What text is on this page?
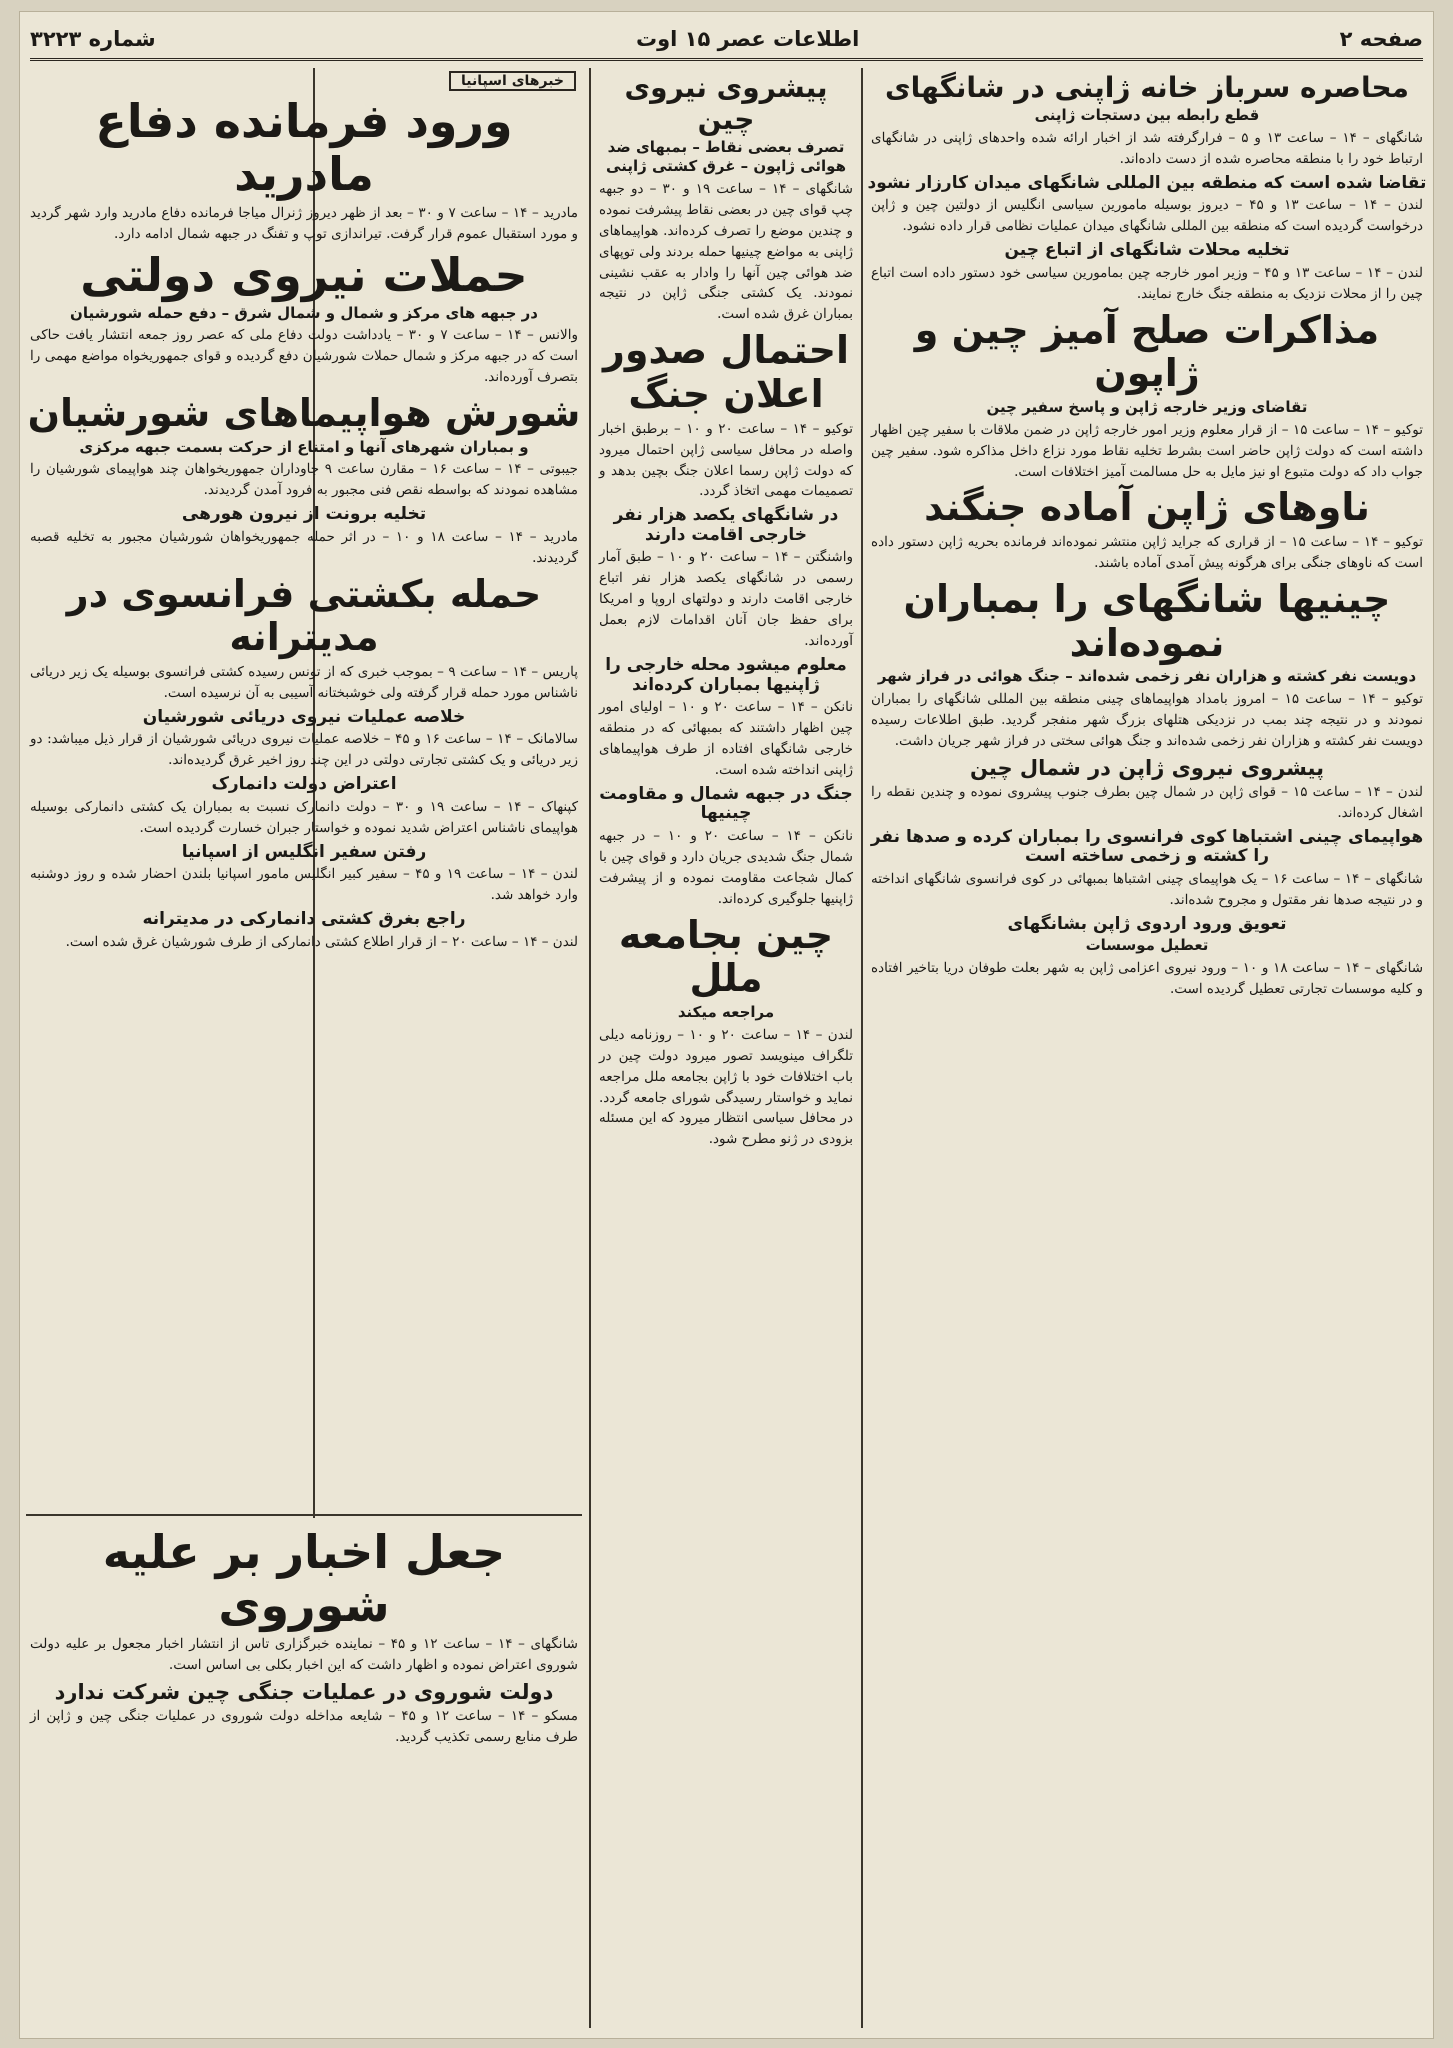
صفحه ۲
اطلاعات عصر ۱۵ اوت
شماره ۳۲۲۳
محاصره سرباز خانه ژاپنی در شانگهای
قطع رابطه بین دستجات ژاپنی
شانگهای – ۱۴ – ساعت ۱۳ و ۵ – فرارگرفته شد از اخبار ارائه شده واحدهای ژاپنی در شانگهای ارتباط خود را با منطقه محاصره شده از دست داده‌اند.
تقاضا شده است که منطقه بین المللی شانگهای میدان کارزار نشود
لندن – ۱۴ – ساعت ۱۳ و ۴۵ – دیروز بوسیله مامورین سیاسی انگلیس از دولتین چین و ژاپن درخواست گردیده است که منطقه بین المللی شانگهای میدان عملیات نظامی قرار داده نشود.
تخلیه محلات شانگهای از اتباع چین
لندن – ۱۴ – ساعت ۱۳ و ۴۵ – وزیر امور خارجه چین بمامورین سیاسی خود دستور داده است اتباع چین را از محلات نزدیک به منطقه جنگ خارج نمایند.
مذاکرات صلح آمیز چین و ژاپون
تقاضای وزیر خارجه ژاپن و پاسخ سفیر چین
توکیو – ۱۴ – ساعت ۱۵ – از قرار معلوم وزیر امور خارجه ژاپن در ضمن ملاقات با سفیر چین اظهار داشته است که دولت ژاپن حاضر است بشرط تخلیه نقاط مورد نزاع داخل مذاکره شود. سفیر چین جواب داد که دولت متبوع او نیز مایل به حل مسالمت آمیز اختلافات است.
ناوهای ژاپن آماده جنگند
توکیو – ۱۴ – ساعت ۱۵ – از قراری که جراید ژاپن منتشر نموده‌اند فرمانده بحریه ژاپن دستور داده است که ناوهای جنگی برای هرگونه پیش آمدی آماده باشند.
چینیها شانگهای را بمباران نموده‌اند
دویست نفر کشته و هزاران نفر زخمی شده‌اند – جنگ هوائی در فراز شهر
توکیو – ۱۴ – ساعت ۱۵ – امروز بامداد هواپیماهای چینی منطقه بین المللی شانگهای را بمباران نمودند و در نتیجه چند بمب در نزدیکی هتلهای بزرگ شهر منفجر گردید. طبق اطلاعات رسیده دویست نفر کشته و هزاران نفر زخمی شده‌اند و جنگ هوائی سختی در فراز شهر جریان داشت.
پیشروی نیروی ژاپن در شمال چین
لندن – ۱۴ – ساعت ۱۵ – قوای ژاپن در شمال چین بطرف جنوب پیشروی نموده و چندین نقطه را اشغال کرده‌اند.
هواپیمای چینی اشتباها کوی فرانسوی را بمباران کرده و صدها نفر را کشته و زخمی ساخته است
شانگهای – ۱۴ – ساعت ۱۶ – یک هواپیمای چینی اشتباها بمبهائی در کوی فرانسوی شانگهای انداخته و در نتیجه صدها نفر مقتول و مجروح شده‌اند.
تعویق ورود اردوی ژاپن بشانگهای
تعطیل موسسات
شانگهای – ۱۴ – ساعت ۱۸ و ۱۰ – ورود نیروی اعزامی ژاپن به شهر بعلت طوفان دریا بتاخیر افتاده و کلیه موسسات تجارتی تعطیل گردیده است.
پیشروی نیروی چین
تصرف بعضی نقاط – بمبهای ضد هوائی ژاپون – غرق کشتی ژاپنی
شانگهای – ۱۴ – ساعت ۱۹ و ۳۰ – دو جبهه چپ قوای چین در بعضی نقاط پیشرفت نموده و چندین موضع را تصرف کرده‌اند. هواپیماهای ژاپنی به مواضع چینیها حمله بردند ولی توپهای ضد هوائی چین آنها را وادار به عقب نشینی نمودند. یک کشتی جنگی ژاپن در نتیجه بمباران غرق شده است.
احتمال صدور اعلان جنگ
توکیو – ۱۴ – ساعت ۲۰ و ۱۰ – برطبق اخبار واصله در محافل سیاسی ژاپن احتمال میرود که دولت ژاپن رسما اعلان جنگ بچین بدهد و تصمیمات مهمی اتخاذ گردد.
در شانگهای یکصد هزار نفر خارجی اقامت دارند
واشنگتن – ۱۴ – ساعت ۲۰ و ۱۰ – طبق آمار رسمی در شانگهای یکصد هزار نفر اتباع خارجی اقامت دارند و دولتهای اروپا و امریکا برای حفظ جان آنان اقدامات لازم بعمل آورده‌اند.
معلوم میشود محله خارجی را ژاپنیها بمباران کرده‌اند
نانکن – ۱۴ – ساعت ۲۰ و ۱۰ – اولیای امور چین اظهار داشتند که بمبهائی که در منطقه خارجی شانگهای افتاده از طرف هواپیماهای ژاپنی انداخته شده است.
جنگ در جبهه شمال و مقاومت چینیها
نانکن – ۱۴ – ساعت ۲۰ و ۱۰ – در جبهه شمال جنگ شدیدی جریان دارد و قوای چین با کمال شجاعت مقاومت نموده و از پیشرفت ژاپنیها جلوگیری کرده‌اند.
چین بجامعه ملل
مراجعه میکند
لندن – ۱۴ – ساعت ۲۰ و ۱۰ – روزنامه دیلی تلگراف مینویسد تصور میرود دولت چین در باب اختلافات خود با ژاپن بجامعه ملل مراجعه نماید و خواستار رسیدگی شورای جامعه گردد. در محافل سیاسی انتظار میرود که این مسئله بزودی در ژنو مطرح شود.
خبرهای اسپانیا
ورود فرمانده دفاع مادرید
مادرید – ۱۴ – ساعت ۷ و ۳۰ – بعد از ظهر دیروز ژنرال میاجا فرمانده دفاع مادرید وارد شهر گردید و مورد استقبال عموم قرار گرفت. تیراندازی توپ و تفنگ در جبهه شمال ادامه دارد.
حملات نیروی دولتی
در جبهه های مرکز و شمال و شمال شرق – دفع حمله شورشیان
والانس – ۱۴ – ساعت ۷ و ۳۰ – یادداشت دولت دفاع ملی که عصر روز جمعه انتشار یافت حاکی است که در جبهه مرکز و شمال حملات شورشیان دفع گردیده و قوای جمهوریخواه مواضع مهمی را بتصرف آورده‌اند.
شورش هواپیماهای شورشیان
و بمباران شهرهای آنها و امتناع از حرکت بسمت جبهه مرکزی
جیبوتی – ۱۴ – ساعت ۱۶ – مقارن ساعت ۹ جاوداران جمهوریخواهان چند هواپیمای شورشیان را مشاهده نمودند که بواسطه نقص فنی مجبور به فرود آمدن گردیدند.
تخلیه برونت از نیرون هورهی
مادرید – ۱۴ – ساعت ۱۸ و ۱۰ – در اثر حمله جمهوریخواهان شورشیان مجبور به تخلیه قصبه گردیدند.
حمله بکشتی فرانسوی در مدیترانه
پاریس – ۱۴ – ساعت ۹ – بموجب خبری که از تونس رسیده کشتی فرانسوی بوسیله یک زیر دریائی ناشناس مورد حمله قرار گرفته ولی خوشبختانه آسیبی به آن نرسیده است.
خلاصه عملیات نیروی دریائی شورشیان
سالامانک – ۱۴ – ساعت ۱۶ و ۴۵ – خلاصه عملیات نیروی دریائی شورشیان از قرار ذیل میباشد: دو زیر دریائی و یک کشتی تجارتی دولتی در این چند روز اخیر غرق گردیده‌اند.
اعتراض دولت دانمارک
کپنهاک – ۱۴ – ساعت ۱۹ و ۳۰ – دولت دانمارک نسبت به بمباران یک کشتی دانمارکی بوسیله هواپیمای ناشناس اعتراض شدید نموده و خواستار جبران خسارت گردیده است.
رفتن سفیر انگلیس از اسپانیا
لندن – ۱۴ – ساعت ۱۹ و ۴۵ – سفیر کبیر انگلیس مامور اسپانیا بلندن احضار شده و روز دوشنبه وارد خواهد شد.
راجع بغرق کشتی دانمارکی در مدیترانه
لندن – ۱۴ – ساعت ۲۰ – از قرار اطلاع کشتی دانمارکی از طرف شورشیان غرق شده است.
جعل اخبار بر علیه شوروی
شانگهای – ۱۴ – ساعت ۱۲ و ۴۵ – نماینده خبرگزاری تاس از انتشار اخبار مجعول بر علیه دولت شوروی اعتراض نموده و اظهار داشت که این اخبار بکلی بی اساس است.
دولت شوروی در عملیات جنگی چین شرکت ندارد
مسکو – ۱۴ – ساعت ۱۲ و ۴۵ – شایعه مداخله دولت شوروی در عملیات جنگی چین و ژاپن از طرف منابع رسمی تکذیب گردید.
